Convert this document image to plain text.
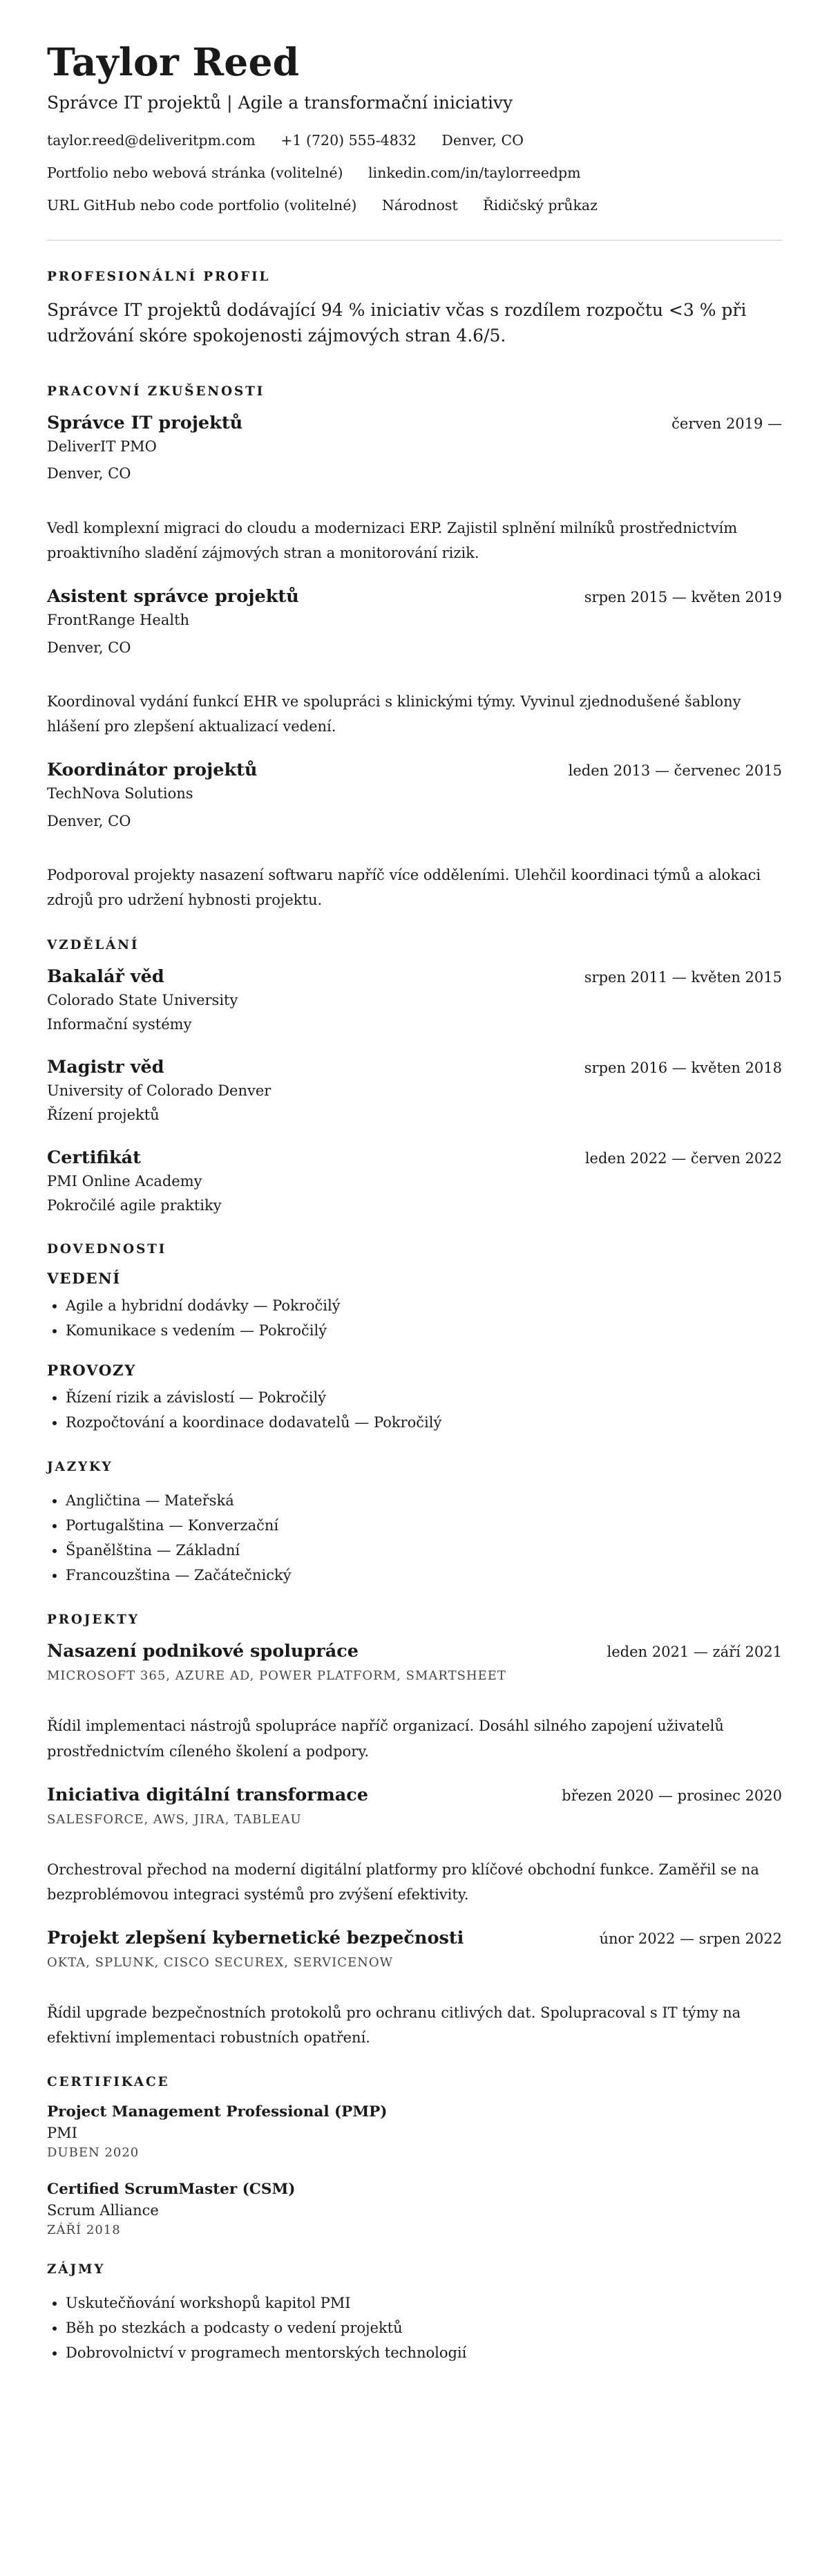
Taylor Reed
Správce IT projektů | Agile a transformační iniciativy
taylor.reed@deliveritpm.com +1 (720) 555-4832 Denver, CO
Portfolio nebo webová stránka (volitelné) linkedin.com/in/taylorreedpm
URL GitHub nebo code portfolio (volitelné) Národnost Řidičský průkaz
PROFESIONÁLNÍ PROFIL

Správce IT projektů dodávající 94 % iniciativ včas s rozdílem rozpočtu <3 % při udržování skóre spokojenosti zájmových stran 4.6/5.

PRACOVNÍ ZKUŠENOSTI
Správce IT projektů	červen 2019 —
DeliverIT PMO
Denver, CO
Vedl komplexní migraci do cloudu a modernizaci ERP. Zajistil splnění milníků prostřednictvím proaktivního sladění zájmových stran a monitorování rizik.
Asistent správce projektů	srpen 2015 — květen 2019
FrontRange Health
Denver, CO
Koordinoval vydání funkcí EHR ve spolupráci s klinickými týmy. Vyvinul zjednodušené šablony hlášení pro zlepšení aktualizací vedení.
Koordinátor projektů	leden 2013 — červenec 2015
TechNova Solutions
Denver, CO
Podporoval projekty nasazení softwaru napříč více odděleními. Ulehčil koordinaci týmů a alokaci zdrojů pro udržení hybnosti projektu.
VZDĚLÁNÍ
Bakalář věd	srpen 2011 — květen 2015
Colorado State University
Informační systémy
Magistr věd	srpen 2016 — květen 2018
University of Colorado Denver
Řízení projektů
Certifikát	leden 2022 — červen 2022
PMI Online Academy
Pokročilé agile praktiky
DOVEDNOSTI
VEDENÍ
• Agile a hybridní dodávky — Pokročilý
• Komunikace s vedením — Pokročilý
PROVOZY
• Řízení rizik a závislostí — Pokročilý
• Rozpočtování a koordinace dodavatelů — Pokročilý
JAZYKY
• Angličtina — Mateřská
• Portugalština — Konverzační
• Španělština — Základní
• Francouzština — Začátečnický
PROJEKTY
Nasazení podnikové spolupráce	leden 2021 — září 2021
MICROSOFT 365, AZURE AD, POWER PLATFORM, SMARTSHEET
Řídil implementaci nástrojů spolupráce napříč organizací. Dosáhl silného zapojení uživatelů prostřednictvím cíleného školení a podpory.
Iniciativa digitální transformace	březen 2020 — prosinec 2020
SALESFORCE, AWS, JIRA, TABLEAU
Orchestroval přechod na moderní digitální platformy pro klíčové obchodní funkce. Zaměřil se na bezproblémovou integraci systémů pro zvýšení efektivity.
Projekt zlepšení kybernetické bezpečnosti	únor 2022 — srpen 2022
OKTA, SPLUNK, CISCO SECUREX, SERVICENOW
Řídil upgrade bezpečnostních protokolů pro ochranu citlivých dat. Spolupracoval s IT týmy na efektivní implementaci robustních opatření.
CERTIFIKACE
Project Management Professional (PMP)
PMI
DUBEN 2020
Certified ScrumMaster (CSM)
Scrum Alliance
ZÁŘÍ 2018
ZÁJMY
• Uskutečňování workshopů kapitol PMI
• Běh po stezkách a podcasty o vedení projektů
• Dobrovolnictví v programech mentorských technologií
